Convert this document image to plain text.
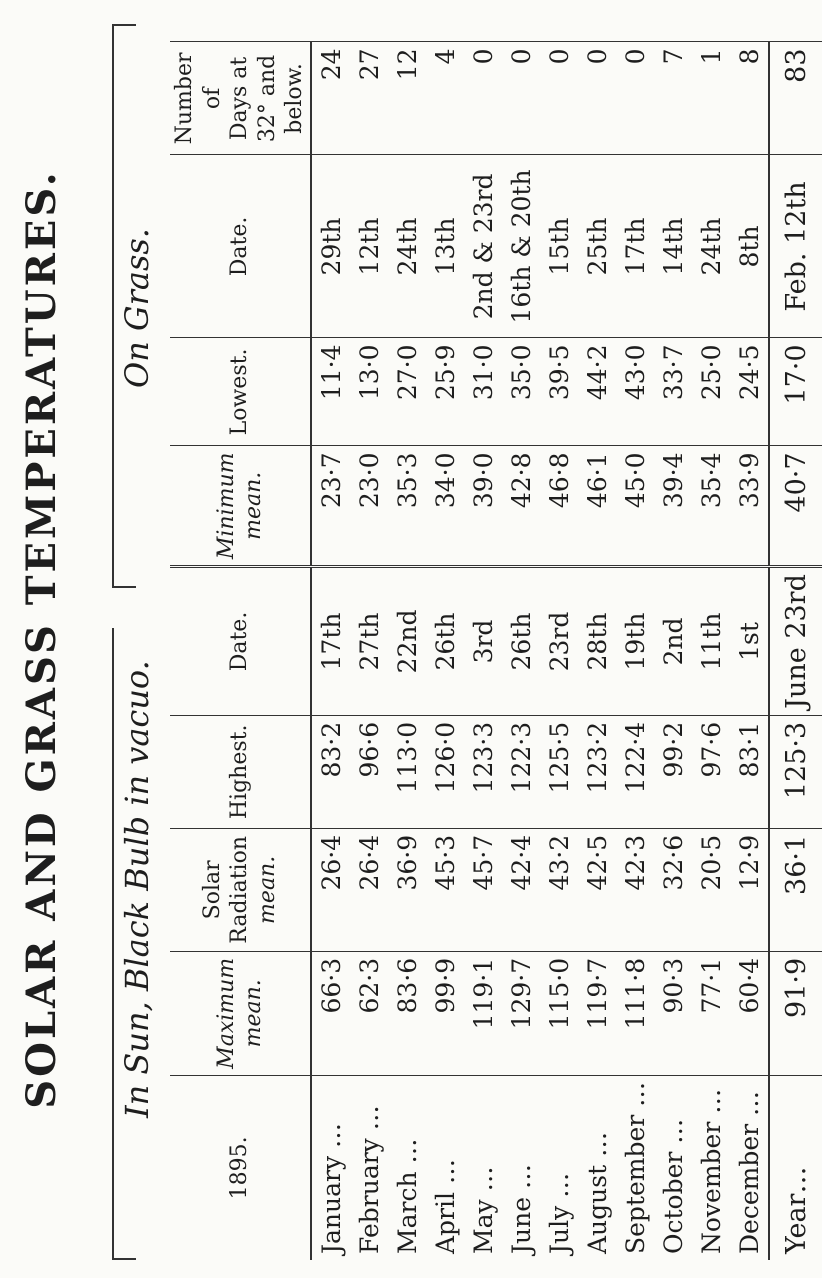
SOLAR AND GRASS TEMPERATURES. In Sun, Black Bulb in vacuo.
On Grass.
1895.	Maximum mean.	Solar Radiation mean.	Highest.	Date.	Minimum mean.	Lowest.	Date.	Number of Days at 32° and below.
January …	66·3	26·4	83·2	17th	23·7	11·4	29th	24
February …	62·3	26·4	96·6	27th	23·0	13·0	12th	27
March …	83·6	36·9	113·0	22nd	35·3	27·0	24th	12
April …	99·9	45·3	126·0	26th	34·0	25·9	13th	4
May …	119·1	45·7	123·3	3rd	39·0	31·0	2nd & 23rd	0
June …	129·7	42·4	122·3	26th	42·8	35·0	16th & 20th	0
July …	115·0	43·2	125·5	23rd	46·8	39·5	15th	0
August …	119·7	42·5	123·2	28th	46·1	44·2	25th	0
September …	111·8	42·3	122·4	19th	45·0	43·0	17th	0
October …	90·3	32·6	99·2	2nd	39·4	33·7	14th	7
November …	77·1	20·5	97·6	11th	35·4	25·0	24th	1
December …	60·4	12·9	83·1	1st	33·9	24·5	8th	8
Year…	91·9	36·1	125·3	June 23rd	40·7	17·0	Feb. 12th	83
